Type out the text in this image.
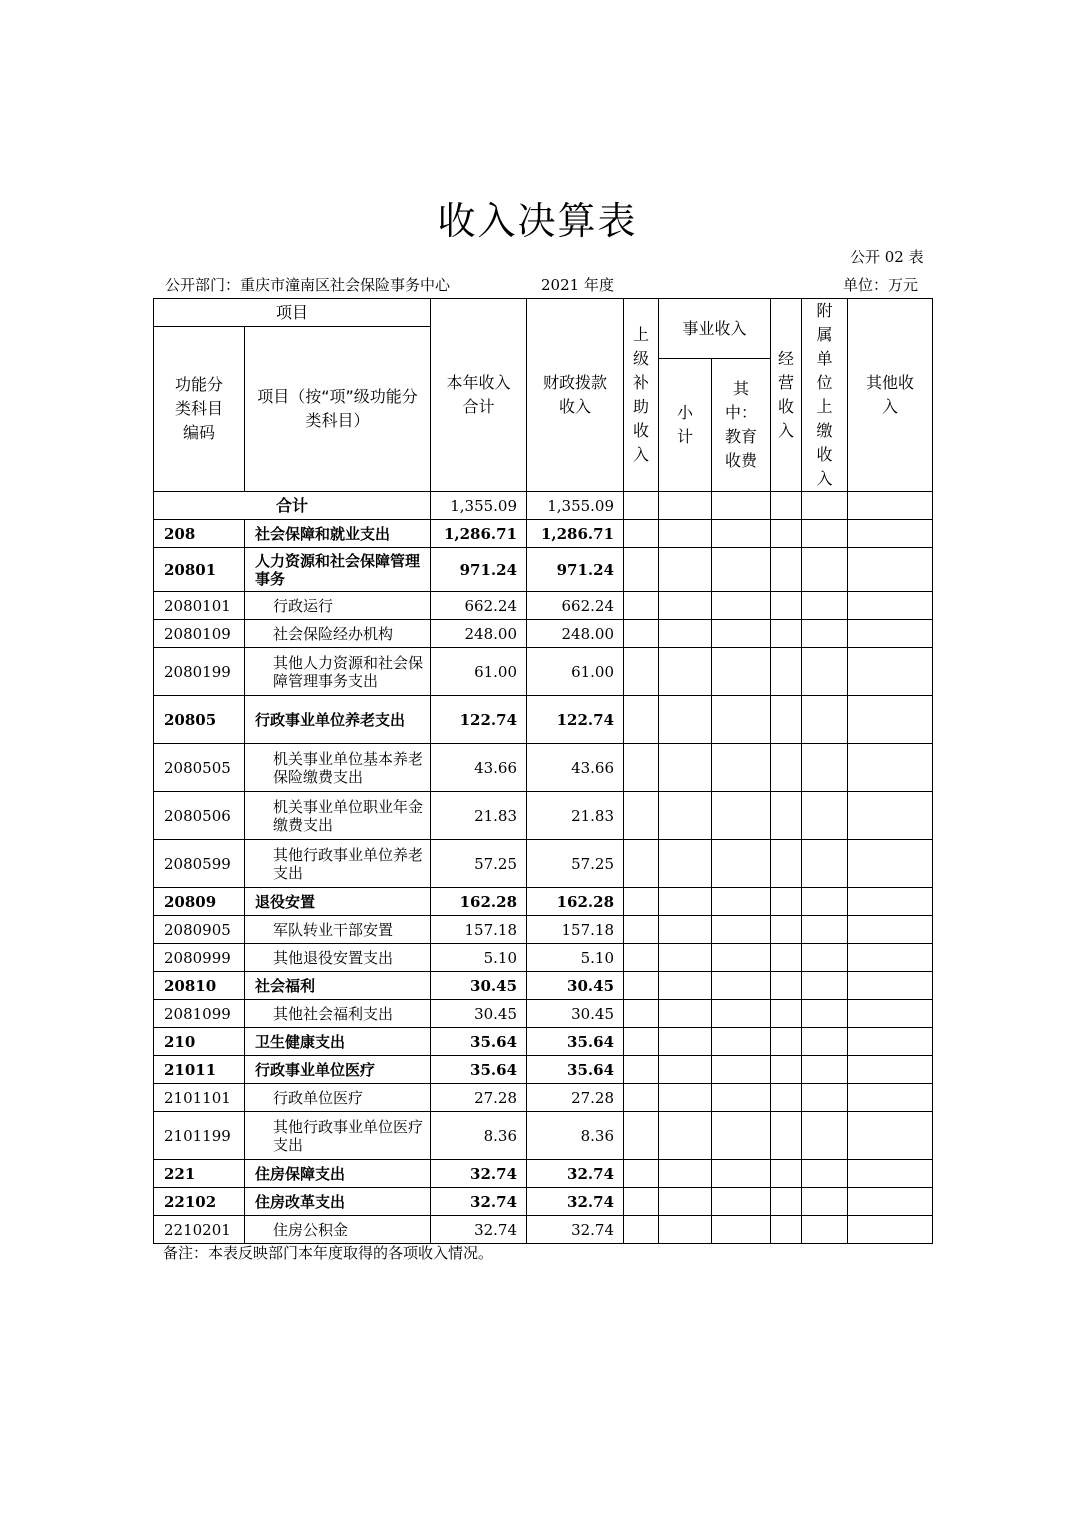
收入决算表
公开 02 表
公开部门：重庆市潼南区社会保险事务中心	2021 年度	单位：万元
项目		本年收入合计	财政拨款收入	上级补助收入	事业收入		经营收入	附属单位上缴收入	其他收入
功能分类科目编码	项目（按“项”级功能分类科目）								
					小计	其中：教育收费			
合计		1,355.09	1,355.09						
208	社会保障和就业支出	1,286.71	1,286.71						
20801	人力资源和社会保障管理事务	971.24	971.24						
2080101	行政运行	662.24	662.24						
2080109	社会保险经办机构	248.00	248.00						
2080199	其他人力资源和社会保障管理事务支出	61.00	61.00						
20805	行政事业单位养老支出	122.74	122.74						
2080505	机关事业单位基本养老保险缴费支出	43.66	43.66						
2080506	机关事业单位职业年金缴费支出	21.83	21.83						
2080599	其他行政事业单位养老支出	57.25	57.25						
20809	退役安置	162.28	162.28						
2080905	军队转业干部安置	157.18	157.18						
2080999	其他退役安置支出	5.10	5.10						
20810	社会福利	30.45	30.45						
2081099	其他社会福利支出	30.45	30.45						
210	卫生健康支出	35.64	35.64						
21011	行政事业单位医疗	35.64	35.64						
2101101	行政单位医疗	27.28	27.28						
2101199	其他行政事业单位医疗支出	8.36	8.36						
221	住房保障支出	32.74	32.74						
22102	住房改革支出	32.74	32.74						
2210201	住房公积金	32.74	32.74						
备注：本表反映部门本年度取得的各项收入情况。
